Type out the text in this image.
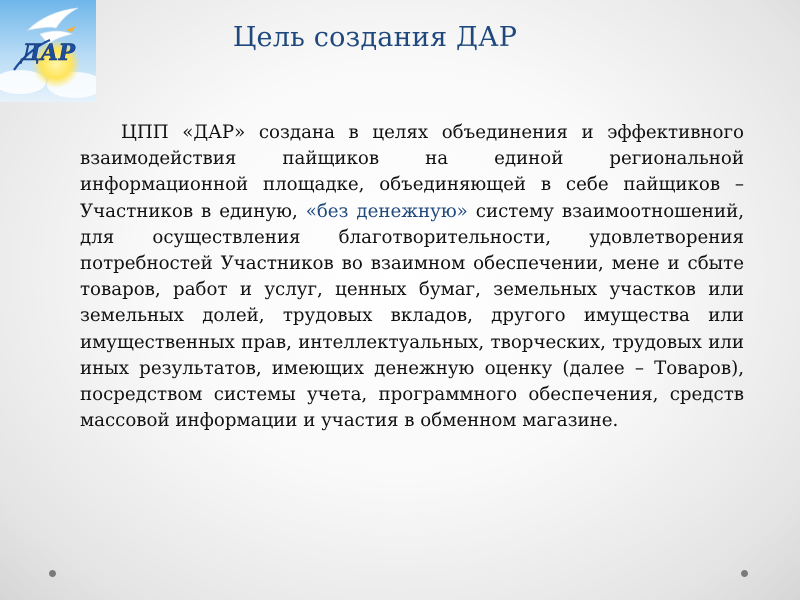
ДАР	Цель создания ДАР

ЦПП «ДАР» создана в целях объединения и эффективного взаимодействия пайщиков на единой региональной информационной площадке, объединяющей в себе пайщиков – Участников в единую, «без денежную» систему взаимоотношений, для осуществления благотворительности, удовлетворения потребностей Участников во взаимном обеспечении, мене и сбыте товаров, работ и услуг, ценных бумаг, земельных участков или земельных долей, трудовых вкладов, другого имущества или имущественных прав, интеллектуальных, творческих, трудовых или иных результатов, имеющих денежную оценку (далее – Товаров), посредством системы учета, программного обеспечения, средств массовой информации и участия в обменном магазине.
